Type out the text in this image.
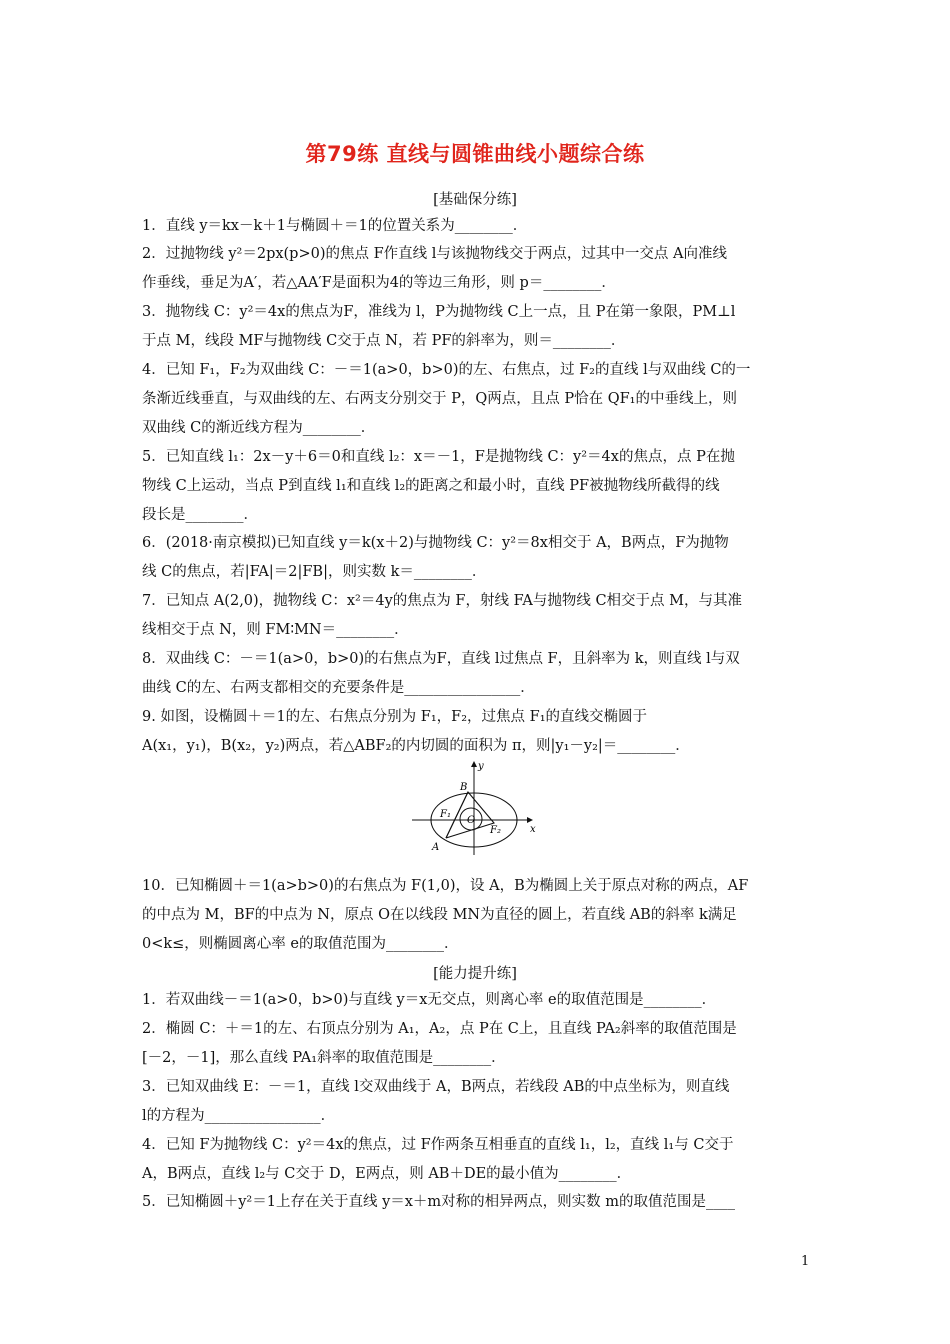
第79练 直线与圆锥曲线小题综合练
[基础保分练]
1．直线 y＝kx－k＋1与椭圆＋＝1的位置关系为________．
2．过抛物线 y²＝2px(p>0)的焦点 F作直线 l与该抛物线交于两点，过其中一交点 A向准线
作垂线，垂足为A′，若△AA′F是面积为4的等边三角形，则 p＝________．
3．抛物线 C：y²＝4x的焦点为F，准线为 l，P为抛物线 C上一点，且 P在第一象限，PM⊥l
于点 M，线段 MF与抛物线 C交于点 N，若 PF的斜率为，则＝________．
4．已知 F₁，F₂为双曲线 C：－＝1(a>0，b>0)的左、右焦点，过 F₂的直线 l与双曲线 C的一
条渐近线垂直，与双曲线的左、右两支分别交于 P，Q两点，且点 P恰在 QF₁的中垂线上，则
双曲线 C的渐近线方程为________．
5．已知直线 l₁：2x－y＋6＝0和直线 l₂：x＝－1，F是抛物线 C：y²＝4x的焦点，点 P在抛
物线 C上运动，当点 P到直线 l₁和直线 l₂的距离之和最小时，直线 PF被抛物线所截得的线
段长是________．
6．(2018·南京模拟)已知直线 y＝k(x＋2)与抛物线 C：y²＝8x相交于 A，B两点，F为抛物
线 C的焦点，若|FA|＝2|FB|，则实数 k＝________．
7．已知点 A(2,0)，抛物线 C：x²＝4y的焦点为 F，射线 FA与抛物线 C相交于点 M，与其准
线相交于点 N，则 FM∶MN＝________．
8．双曲线 C：－＝1(a>0，b>0)的右焦点为F，直线 l过焦点 F，且斜率为 k，则直线 l与双
曲线 C的左、右两支都相交的充要条件是________________．
9. 如图，设椭圆＋＝1的左、右焦点分别为 F₁，F₂，过焦点 F₁的直线交椭圆于
A(x₁，y₁)，B(x₂，y₂)两点，若△ABF₂的内切圆的面积为 π，则|y₁－y₂|＝________．
y
x
B
A
O
F₁
F₂
10．已知椭圆＋＝1(a>b>0)的右焦点为 F(1,0)，设 A，B为椭圆上关于原点对称的两点，AF
的中点为 M，BF的中点为 N，原点 O在以线段 MN为直径的圆上，若直线 AB的斜率 k满足
0<k≤，则椭圆离心率 e的取值范围为________．
[能力提升练]
1．若双曲线－＝1(a>0，b>0)与直线 y＝x无交点，则离心率 e的取值范围是________．
2．椭圆 C：＋＝1的左、右顶点分别为 A₁，A₂，点 P在 C上，且直线 PA₂斜率的取值范围是
[－2，－1]，那么直线 PA₁斜率的取值范围是________．
3．已知双曲线 E：－＝1，直线 l交双曲线于 A，B两点，若线段 AB的中点坐标为，则直线
l的方程为________________．
4．已知 F为抛物线 C：y²＝4x的焦点，过 F作两条互相垂直的直线 l₁，l₂，直线 l₁与 C交于
A，B两点，直线 l₂与 C交于 D，E两点，则 AB＋DE的最小值为________．
5．已知椭圆＋y²＝1上存在关于直线 y＝x＋m对称的相异两点，则实数 m的取值范围是____
1
